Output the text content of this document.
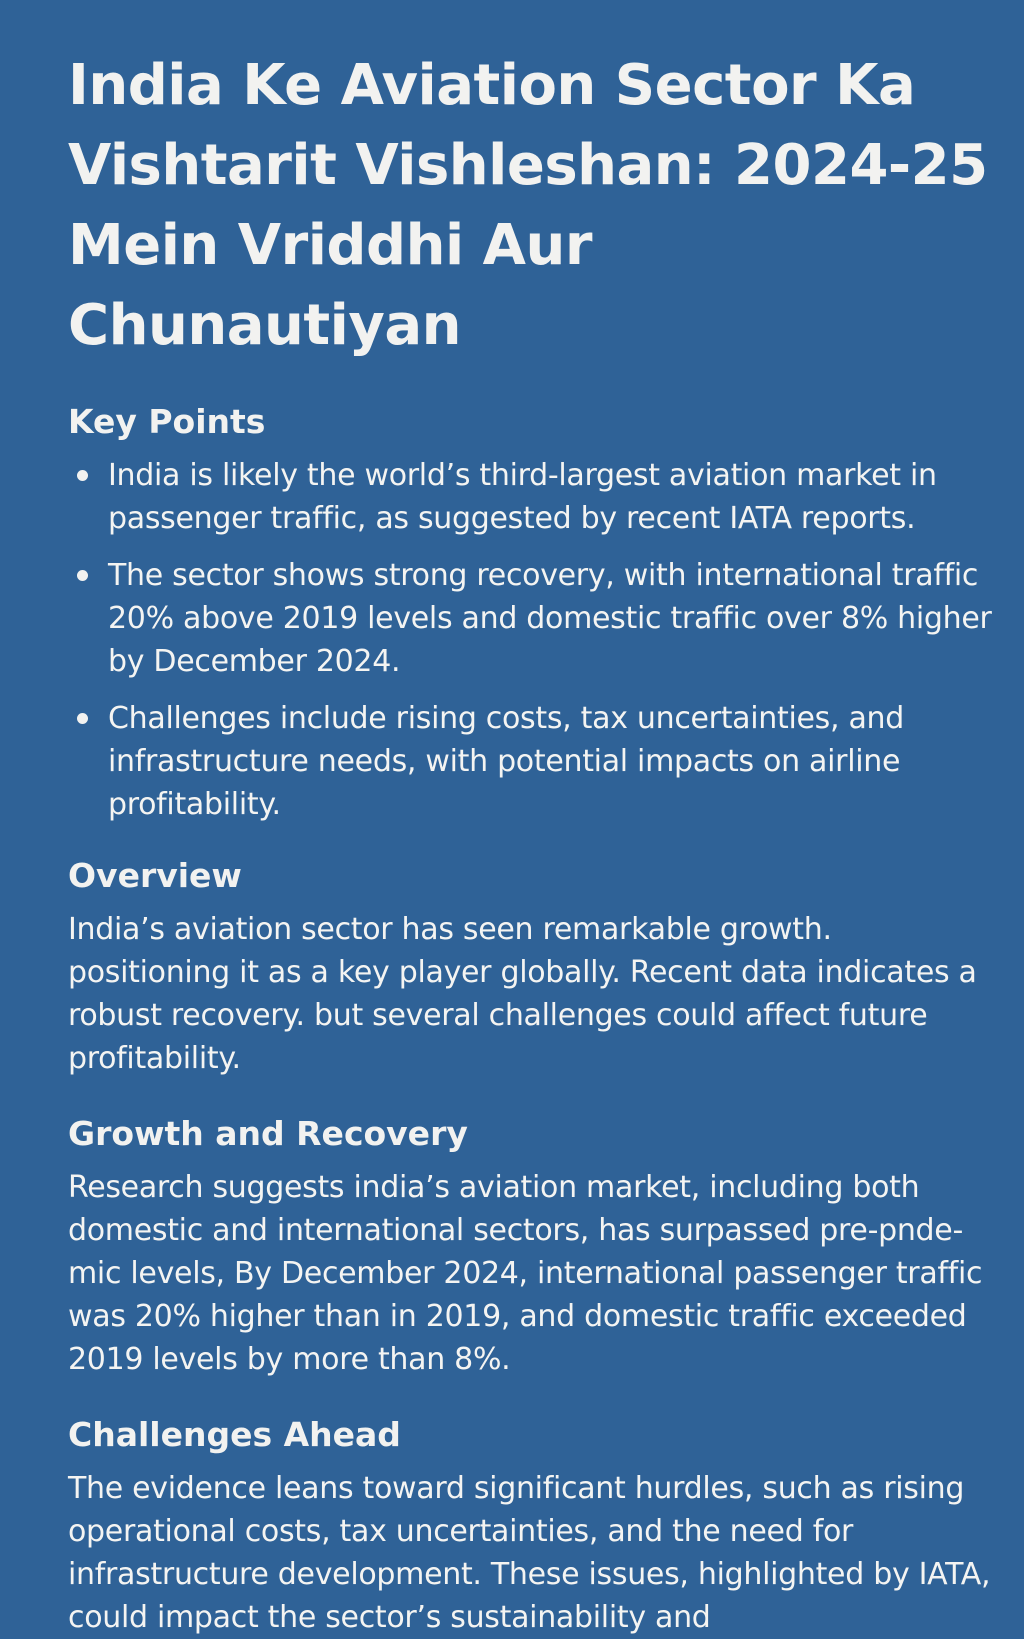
India Ke Aviation Sector Ka Vishtarit Vishleshan: 2024-25 Mein Vriddhi Aur Chunautiyan
Key Points
India is likely the world’s third-largest aviation market in passenger traffic, as suggested by recent IATA reports.
The sector shows strong recovery, with international traffic 20% above 2019 levels and domestic traffic over 8% higher by December 2024.
Challenges include rising costs, tax uncertainties, and infrastructure needs, with potential impacts on airline profitability.
Overview

India’s aviation sector has seen remarkable growth. positioning it as a key player globally. Recent data indicates a robust recovery. but several challenges could affect future profitability.

Growth and Recovery

Research suggests india’s aviation market, including both domestic and international sectors, has surpassed pre-pnde-mic levels, By December 2024, international passenger traffic was 20% higher than in 2019, and domestic traffic exceeded 2019 levels by more than 8%.

Challenges Ahead

The evidence leans toward significant hurdles, such as rising operational costs, tax uncertainties, and the need for infrastructure development. These issues, highlighted by IATA, could impact the sector’s sustainability and
